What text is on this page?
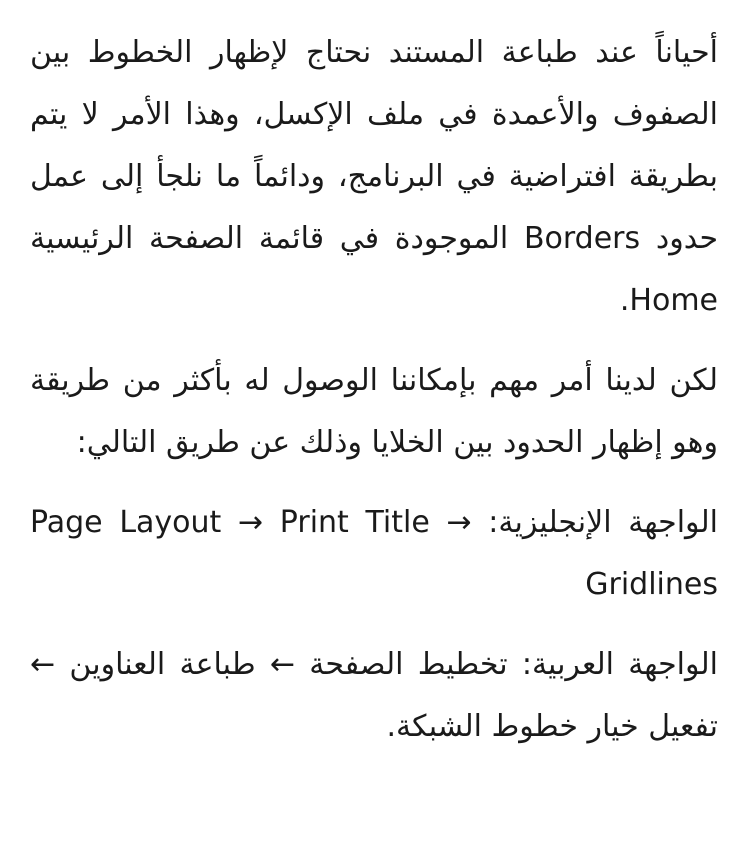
أحياناً عند طباعة المستند نحتاج لإظهار الخطوط بين الصفوف والأعمدة في ملف الإكسل، وهذا الأمر لا يتم بطريقة افتراضية في البرنامج، ودائماً ما نلجأ إلى عمل حدود Borders الموجودة في قائمة الصفحة الرئيسية Home.

لكن لدينا أمر مهم بإمكاننا الوصول له بأكثر من طريقة وهو إظهار الحدود بين الخلايا وذلك عن طريق التالي:

الواجهة الإنجليزية: Page Layout → Print Title → Gridlines

الواجهة العربية: تخطيط الصفحة ← طباعة العناوين ← تفعيل خيار خطوط الشبكة.
